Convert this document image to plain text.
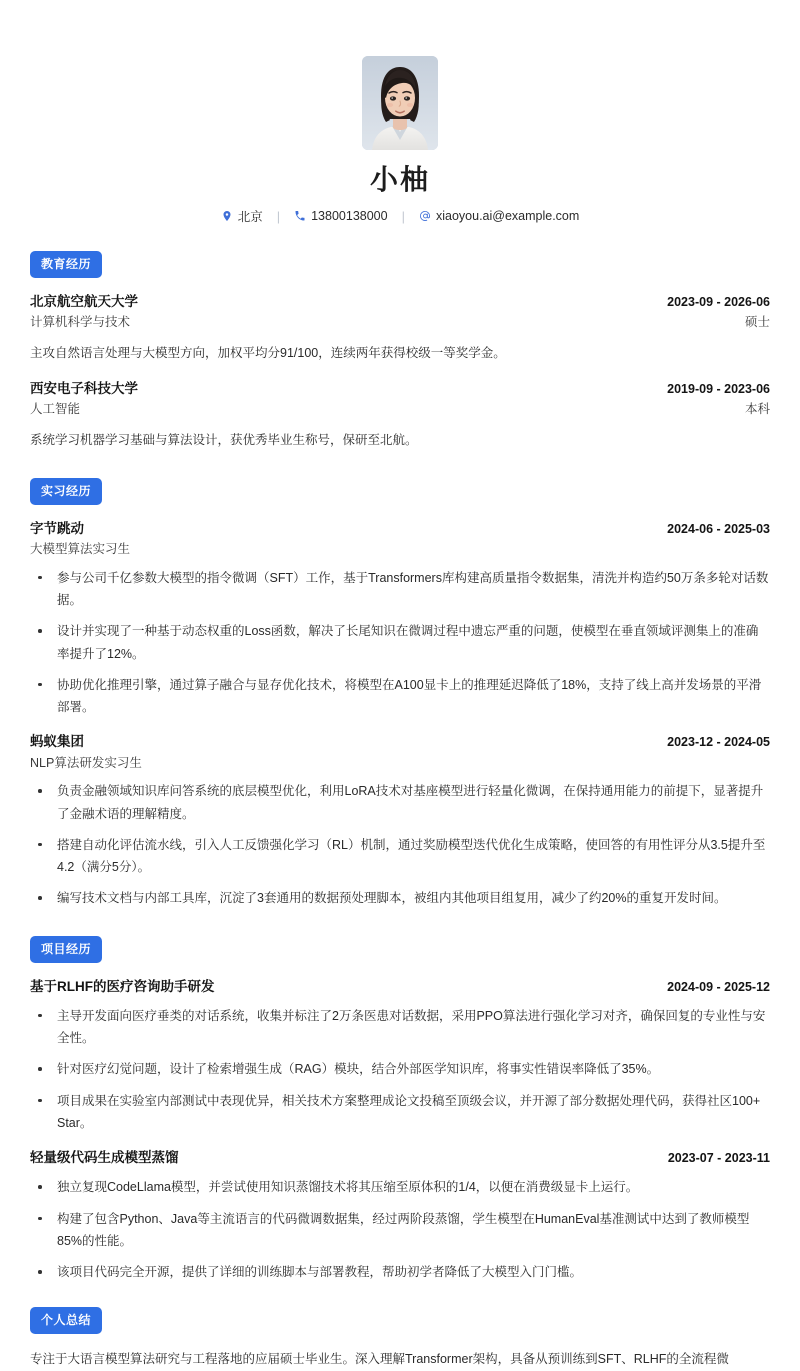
小柚
北京 | 13800138000 | xiaoyou.ai@example.com
教育经历
北京航空航天大学	2023-09 - 2026-06
计算机科学与技术	硕士
主攻自然语言处理与大模型方向，加权平均分91/100，连续两年获得校级一等奖学金。
西安电子科技大学	2019-09 - 2023-06
人工智能	本科
系统学习机器学习基础与算法设计，获优秀毕业生称号，保研至北航。
实习经历
字节跳动	2024-06 - 2025-03
大模型算法实习生
参与公司千亿参数大模型的指令微调（SFT）工作，基于Transformers库构建高质量指令数据集，清洗并构造约50万条多轮对话数据。
设计并实现了一种基于动态权重的Loss函数，解决了长尾知识在微调过程中遗忘严重的问题，使模型在垂直领域评测集上的准确率提升了12%。
协助优化推理引擎，通过算子融合与显存优化技术，将模型在A100显卡上的推理延迟降低了18%，支持了线上高并发场景的平滑部署。
蚂蚁集团	2023-12 - 2024-05
NLP算法研发实习生
负责金融领域知识库问答系统的底层模型优化，利用LoRA技术对基座模型进行轻量化微调，在保持通用能力的前提下，显著提升了金融术语的理解精度。
搭建自动化评估流水线，引入人工反馈强化学习（RL）机制，通过奖励模型迭代优化生成策略，使回答的有用性评分从3.5提升至4.2（满分5分）。
编写技术文档与内部工具库，沉淀了3套通用的数据预处理脚本，被组内其他项目组复用，减少了约20%的重复开发时间。
项目经历
基于RLHF的医疗咨询助手研发	2024-09 - 2025-12
主导开发面向医疗垂类的对话系统，收集并标注了2万条医患对话数据，采用PPO算法进行强化学习对齐，确保回复的专业性与安全性。
针对医疗幻觉问题，设计了检索增强生成（RAG）模块，结合外部医学知识库，将事实性错误率降低了35%。
项目成果在实验室内部测试中表现优异，相关技术方案整理成论文投稿至顶级会议，并开源了部分数据处理代码，获得社区100+ Star。
轻量级代码生成模型蒸馏	2023-07 - 2023-11
独立复现CodeLlama模型，并尝试使用知识蒸馏技术将其压缩至原体积的1/4，以便在消费级显卡上运行。
构建了包含Python、Java等主流语言的代码微调数据集，经过两阶段蒸馏，学生模型在HumanEval基准测试中达到了教师模型85%的性能。
该项目代码完全开源，提供了详细的训练脚本与部署教程，帮助初学者降低了大模型入门门槛。
个人总结
专注于大语言模型算法研究与工程落地的应届硕士毕业生。深入理解Transformer架构，具备从预训练到SFT、RLHF的全流程微
